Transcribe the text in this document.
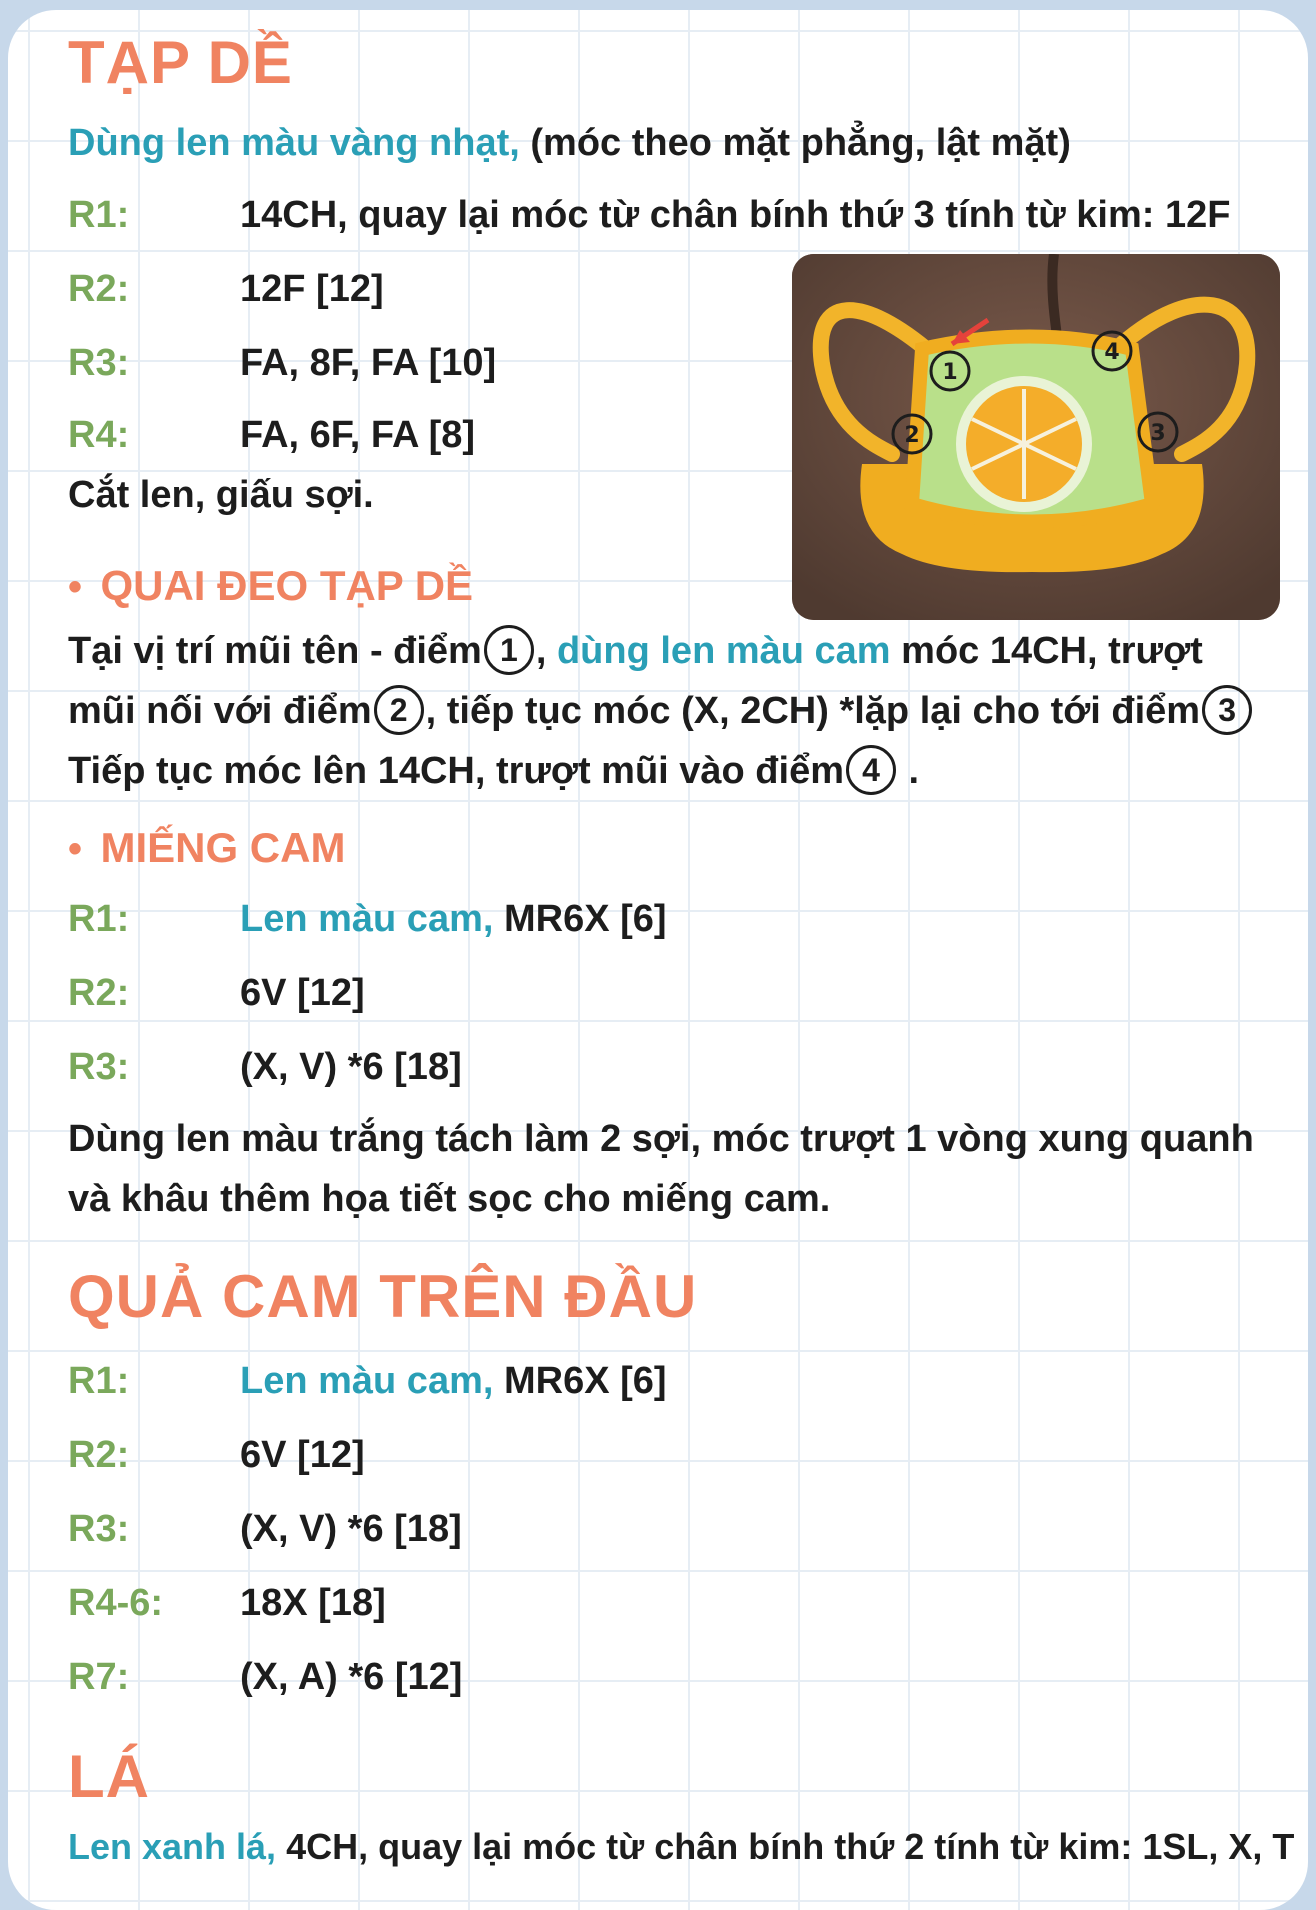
TẠP DỀ
Dùng len màu vàng nhạt, (móc theo mặt phẳng, lật mặt)
R1:	14CH, quay lại móc từ chân bính thứ 3 tính từ kim: 12F
R2:	12F [12]
R3:	FA, 8F, FA [10]
R4:	FA, 6F, FA [8]
Cắt len, giấu sợi.
1
2	3
4
• QUAI ĐEO TẠP DỀ
Tại vị trí mũi tên - điểm 1 , dùng len màu cam móc 14CH, trượt
mũi nối với điểm 2 , tiếp tục móc (X, 2CH) *lặp lại cho tới điểm 3
Tiếp tục móc lên 14CH, trượt mũi vào điểm 4 .
• MIẾNG CAM
R1:	Len màu cam, MR6X [6]
R2:	6V [12]
R3:	(X, V) *6 [18]
Dùng len màu trắng tách làm 2 sợi, móc trượt 1 vòng xung quanh
và khâu thêm họa tiết sọc cho miếng cam.
QUẢ CAM TRÊN ĐẦU
R1:	Len màu cam, MR6X [6]
R2:	6V [12]
R3:	(X, V) *6 [18]
R4-6: 18X [18]
R7:	(X, A) *6 [12]
LÁ
Len xanh lá, 4CH, quay lại móc từ chân bính thứ 2 tính từ kim: 1SL, X, T
